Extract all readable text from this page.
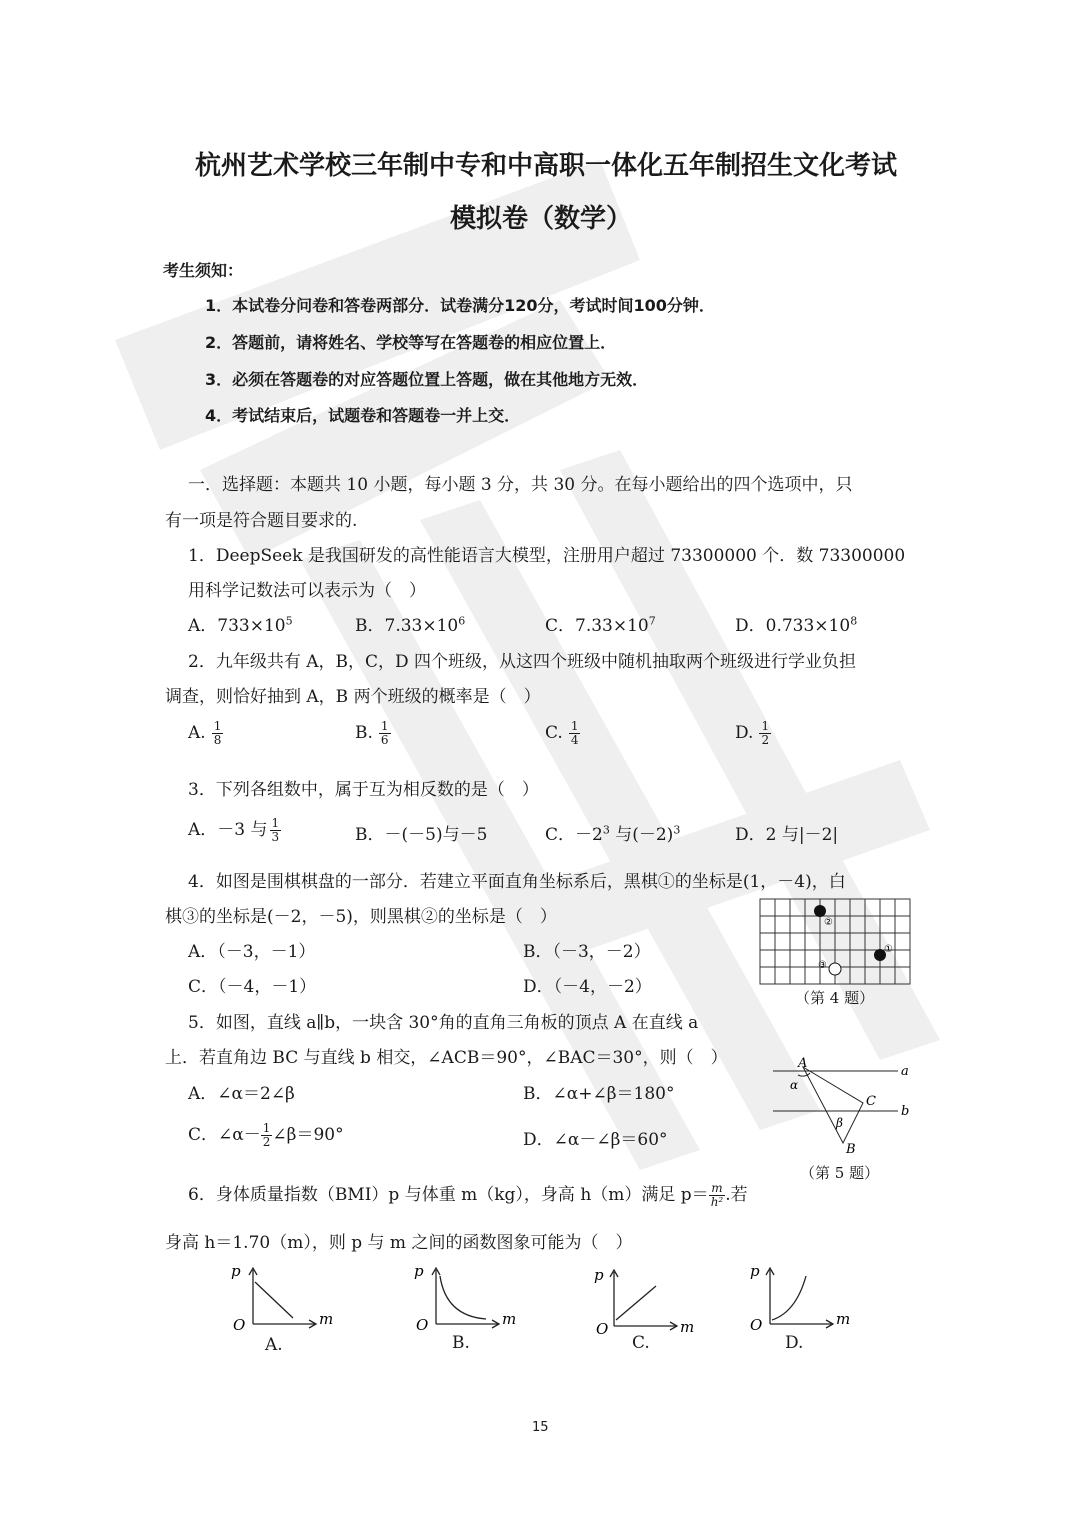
杭州艺术学校三年制中专和中高职一体化五年制招生文化考试
模拟卷（数学）
考生须知：
1．本试卷分问卷和答卷两部分．试卷满分120分，考试时间100分钟．
2．答题前，请将姓名、学校等写在答题卷的相应位置上．
3．必须在答题卷的对应答题位置上答题，做在其他地方无效．
4．考试结束后，试题卷和答题卷一并上交．
一．选择题：本题共 10 小题，每小题 3 分，共 30 分。在每小题给出的四个选项中，只
有一项是符合题目要求的.
1．DeepSeek 是我国研发的高性能语言大模型，注册用户超过 73300000 个．数 73300000
用科学记数法可以表示为（　）
A．$733\times 10^5$	B．$7.33\times 10^6$	C．$7.33\times 10^7$	D．$0.733\times 10^8$
2．九年级共有 A，B，C，D 四个班级，从这四个班级中随机抽取两个班级进行学业负担
调查，则恰好抽到 A，B 两个班级的概率是（　）
A. $\frac{1}{8}$	B. $\frac{1}{6}$	C. $\frac{1}{4}$	D. $\frac{1}{2}$
3．下列各组数中，属于互为相反数的是（　）
A．－3 与 $\frac{1}{3}$	B．－(－5)与－5	C．$-2^3$ 与$(-2)^3$	D．2 与|－2|
4．如图是围棋棋盘的一部分．若建立平面直角坐标系后，黑棋①的坐标是(1，－4)，白
棋③的坐标是(－2，－5)，则黑棋②的坐标是（　）
A．（－3，－1）	B．（－3，－2）
C．（－4，－1）	D．（－4，－2）
②
①
③
（第 4 题）
5．如图，直线 a∥b，一块含 30°角的直角三角板的顶点 A 在直线 a
上．若直角边 BC 与直线 b 相交，∠ACB＝90°，∠BAC＝30°，则（　）
A．∠α＝2∠β	B．∠α+∠β＝180°
C．∠α－ $\frac{1}{2}$ ∠β＝90°	D．∠α－∠β＝60°
A
a
b
C
B
α
β
（第 5 题）
6．身体质量指数（BMI）p 与体重 m（kg），身高 h（m）满足 $p= \frac{m}{\text{h²}}$ .若
身高 h＝1.70（m），则 p 与 m 之间的函数图象可能为（　）
p
m
O
A.
p
m
O
B.
p
m
O
C.
p
m
O
D.
15
